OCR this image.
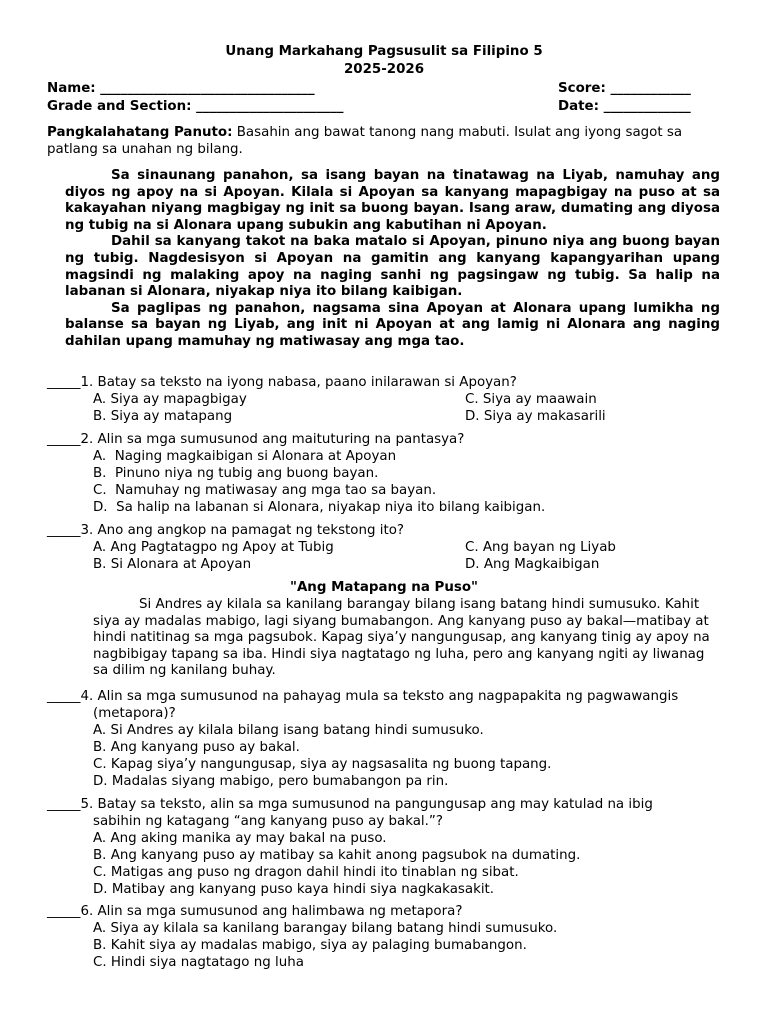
Unang Markahang Pagsusulit sa Filipino 5
2025-2026
Name: ________________________________	Score: ____________
Grade and Section: ______________________	Date: _____________
Pangkalahatang Panuto: Basahin ang bawat tanong nang mabuti. Isulat ang iyong sagot sa patlang sa unahan ng bilang.

Sa sinaunang panahon, sa isang bayan na tinatawag na Liyab, namuhay ang diyos ng apoy na si Apoyan. Kilala si Apoyan sa kanyang mapagbigay na puso at sa kakayahan niyang magbigay ng init sa buong bayan. Isang araw, dumating ang diyosa ng tubig na si Alonara upang subukin ang kabutihan ni Apoyan.

Dahil sa kanyang takot na baka matalo si Apoyan, pinuno niya ang buong bayan ng tubig. Nagdesisyon si Apoyan na gamitin ang kanyang kapangyarihan upang magsindi ng malaking apoy na naging sanhi ng pagsingaw ng tubig. Sa halip na labanan si Alonara, niyakap niya ito bilang kaibigan.

Sa paglipas ng panahon, nagsama sina Apoyan at Alonara upang lumikha ng balanse sa bayan ng Liyab, ang init ni Apoyan at ang lamig ni Alonara ang naging dahilan upang mamuhay ng matiwasay ang mga tao.

_____1. Batay sa teksto na iyong nabasa, paano inilarawan si Apoyan?
A. Siya ay mapagbigay	C. Siya ay maawain
B. Siya ay matapang	D. Siya ay makasarili
_____2. Alin sa mga sumusunod ang maituturing na pantasya?
A.  Naging magkaibigan si Alonara at Apoyan
B.  Pinuno niya ng tubig ang buong bayan.
C.  Namuhay ng matiwasay ang mga tao sa bayan.
D.  Sa halip na labanan si Alonara, niyakap niya ito bilang kaibigan.
_____3. Ano ang angkop na pamagat ng tekstong ito?
A. Ang Pagtatagpo ng Apoy at Tubig	C. Ang bayan ng Liyab
B. Si Alonara at Apoyan	D. Ang Magkaibigan
"Ang Matapang na Puso"

Si Andres ay kilala sa kanilang barangay bilang isang batang hindi sumusuko. Kahit siya ay madalas mabigo, lagi siyang bumabangon. Ang kanyang puso ay bakal—matibay at hindi natitinag sa mga pagsubok. Kapag siya’y nangungusap, ang kanyang tinig ay apoy na nagbibigay tapang sa iba. Hindi siya nagtatago ng luha, pero ang kanyang ngiti ay liwanag sa dilim ng kanilang buhay.

_____4. Alin sa mga sumusunod na pahayag mula sa teksto ang nagpapakita ng pagwawangis
(metapora)?
A. Si Andres ay kilala bilang isang batang hindi sumusuko.
B. Ang kanyang puso ay bakal.
C. Kapag siya’y nangungusap, siya ay nagsasalita ng buong tapang.
D. Madalas siyang mabigo, pero bumabangon pa rin.
_____5. Batay sa teksto, alin sa mga sumusunod na pangungusap ang may katulad na ibig
sabihin ng katagang “ang kanyang puso ay bakal.”?
A. Ang aking manika ay may bakal na puso.
B. Ang kanyang puso ay matibay sa kahit anong pagsubok na dumating.
C. Matigas ang puso ng dragon dahil hindi ito tinablan ng sibat.
D. Matibay ang kanyang puso kaya hindi siya nagkakasakit.
_____6. Alin sa mga sumusunod ang halimbawa ng metapora?
A. Siya ay kilala sa kanilang barangay bilang batang hindi sumusuko.
B. Kahit siya ay madalas mabigo, siya ay palaging bumabangon.
C. Hindi siya nagtatago ng luha
